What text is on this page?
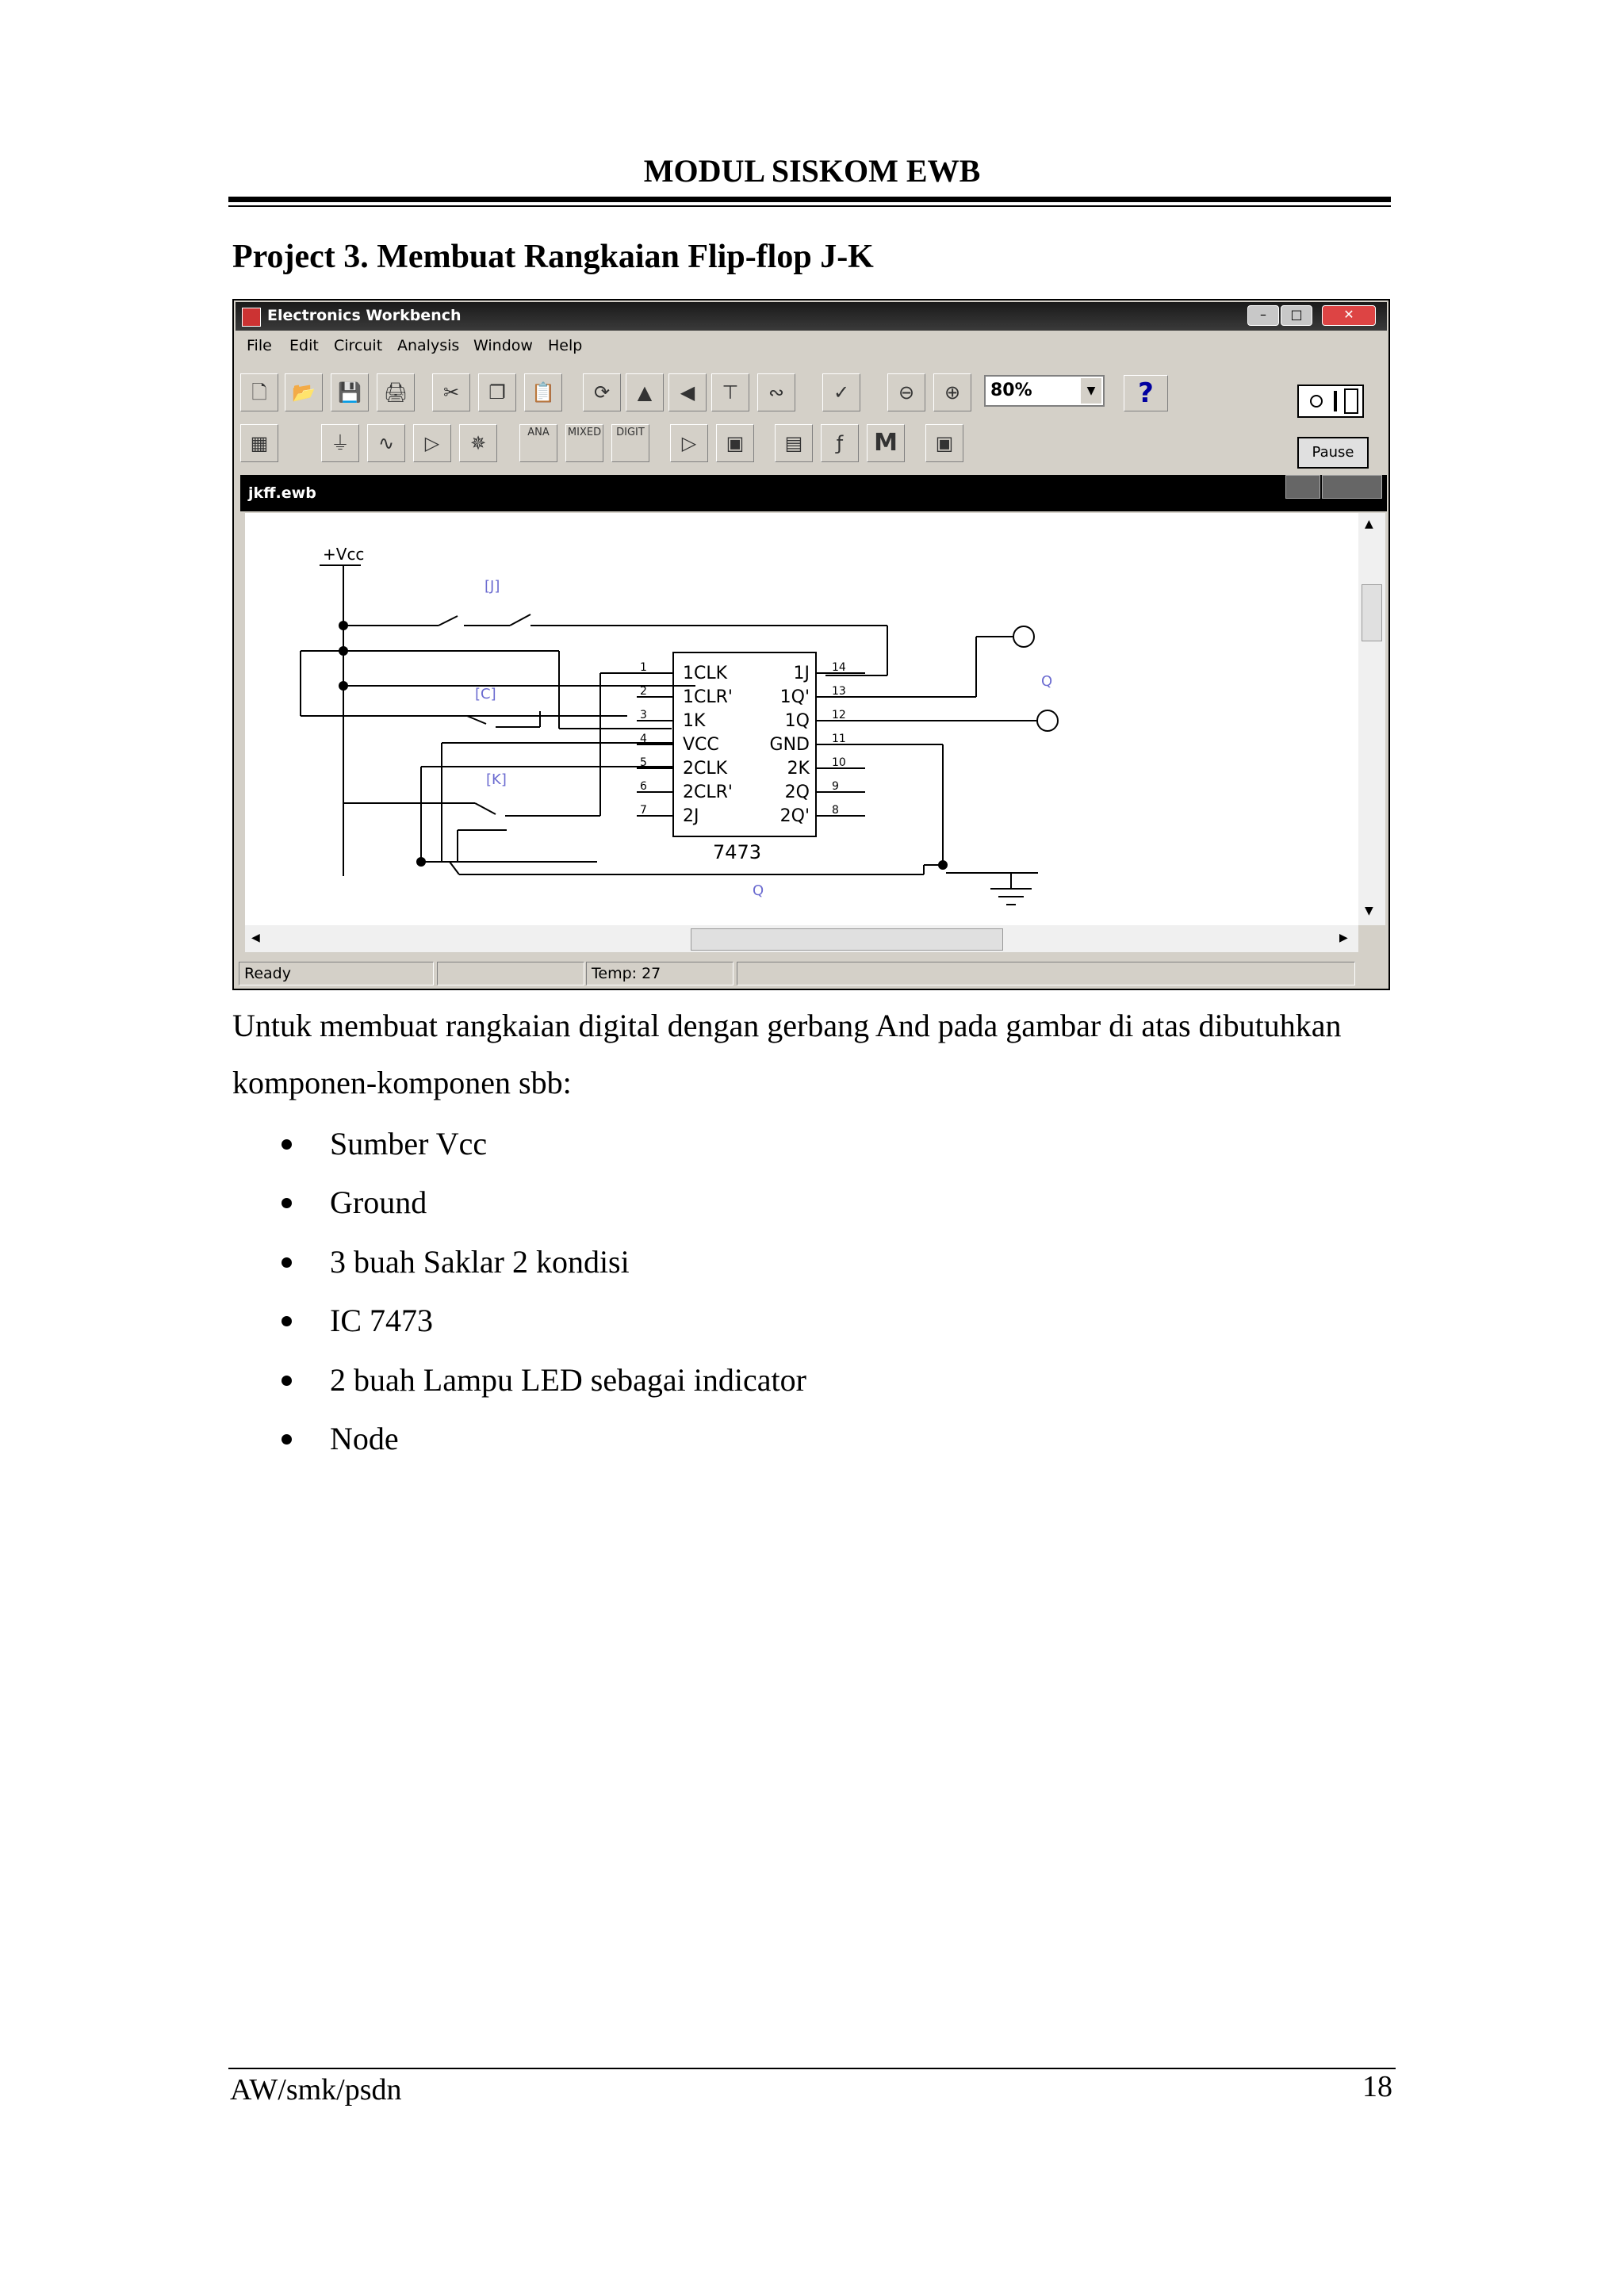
MODUL SISKOM EWB
Project 3. Membuat Rangkaian Flip-flop J-K
Electronics Workbench	–	□	✕
File Edit Circuit Analysis Window Help
🗋	📂	💾	🖨	✂	❐	📋	⟳	▲	◀	⊤	∾	✓	⊖	⊕	80%	▼	?
Pause
▦	⏚	∿	▷	✵	ANA	MIXED	DIGIT	▷	▣	▤	ƒ	M	▣
jkff.ewb
+Vcc
[J]
[C]
[K]
1CLK
1CLR'
1K
VCC
2CLK
2CLR'
2J
1J
1Q'
1Q
GND
2K
2Q
2Q'
1
2
3
4
5
6
7
14
13
12
11
10
9
8
7473
Q
Q
▲
▼
◀	▶
Ready	Temp: 27
Untuk membuat rangkaian digital dengan gerbang And pada gambar di atas dibutuhkan komponen-komponen sbb:
Sumber Vcc
Ground
3 buah Saklar 2 kondisi
IC 7473
2 buah Lampu LED sebagai indicator
Node
AW/smk/psdn	18
